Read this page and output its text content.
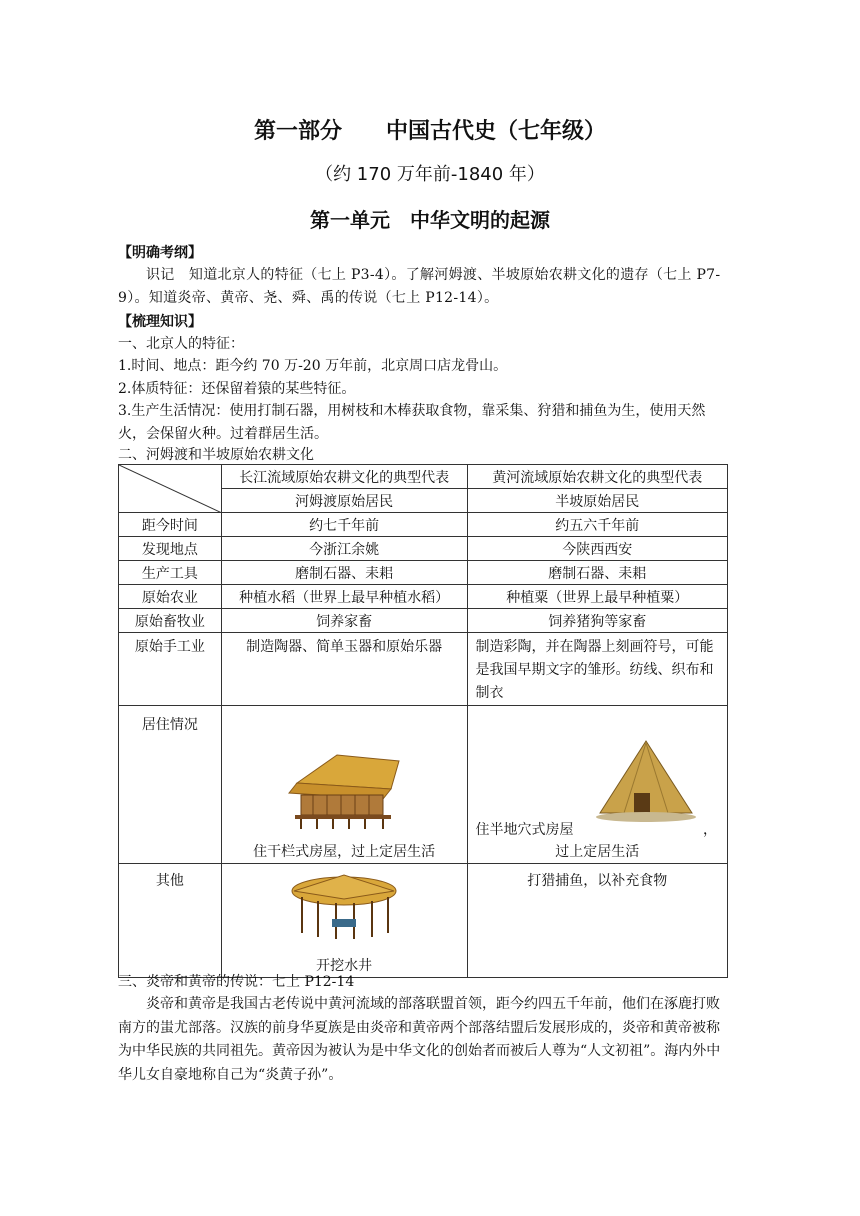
第一部分　　中国古代史（七年级）
（约 170 万年前-1840 年）
第一单元　中华文明的起源
【明确考纲】
识记　知道北京人的特征（七上 P3-4）。了解河姆渡、半坡原始农耕文化的遗存（七上 P7-9）。知道炎帝、黄帝、尧、舜、禹的传说（七上 P12-14）。
【梳理知识】
一、北京人的特征：
1.时间、地点：距今约 70 万-20 万年前，北京周口店龙骨山。
2.体质特征：还保留着猿的某些特征。
3.生产生活情况：使用打制石器，用树枝和木棒获取食物，靠采集、狩猎和捕鱼为生，使用天然火，会保留火种。过着群居生活。
二、河姆渡和半坡原始农耕文化
	长江流域原始农耕文化的典型代表	黄河流域原始农耕文化的典型代表
	河姆渡原始居民	半坡原始居民
距今时间	约七千年前	约五六千年前
发现地点	今浙江余姚	今陕西西安
生产工具	磨制石器、耒耜	磨制石器、耒耜
原始农业	种植水稻（世界上最早种植水稻）	种植粟（世界上最早种植粟）
原始畜牧业	饲养家畜	饲养猪狗等家畜
原始手工业	制造陶器、简单玉器和原始乐器	制造彩陶，并在陶器上刻画符号，可能是我国早期文字的雏形。纺线、织布和制衣
居住情况	住干栏式房屋，过上定居生活	住半地穴式房屋 ，
过上定居生活

其他	开挖水井	打猎捕鱼，以补充食物
三、炎帝和黄帝的传说：七上 P12-14
炎帝和黄帝是我国古老传说中黄河流域的部落联盟首领，距今约四五千年前，他们在涿鹿打败南方的蚩尤部落。汉族的前身华夏族是由炎帝和黄帝两个部落结盟后发展形成的，炎帝和黄帝被称为中华民族的共同祖先。黄帝因为被认为是中华文化的创始者而被后人尊为“人文初祖”。海内外中华儿女自豪地称自己为“炎黄子孙”。
